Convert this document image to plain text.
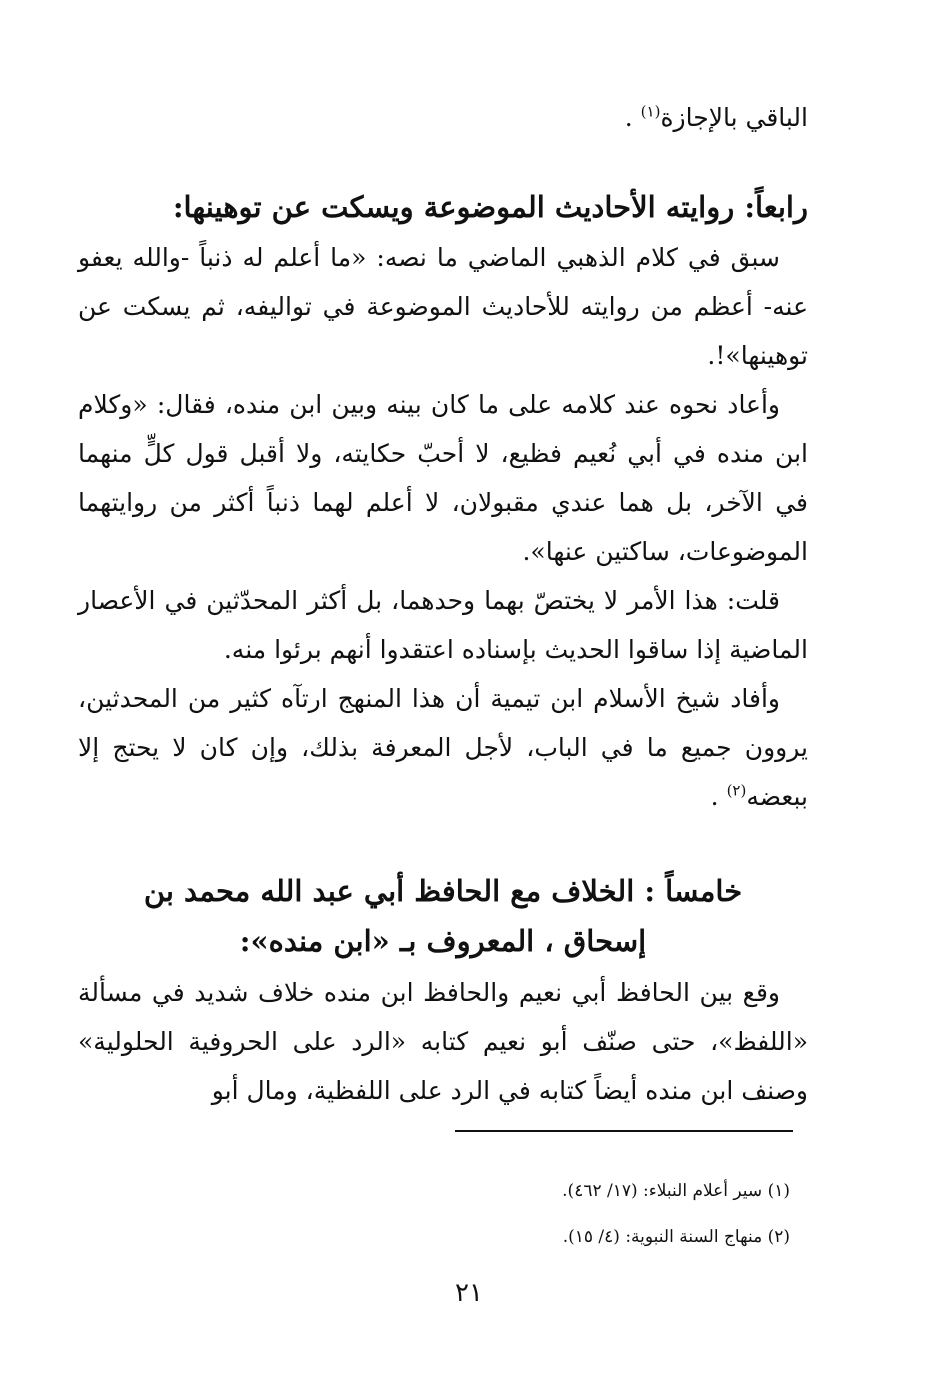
الباقي بالإجازة$^{(١)}$ .

رابعاً: روايته الأحاديث الموضوعة ويسكت عن توهينها:

سبق في كلام الذهبي الماضي ما نصه: «ما أعلم له ذنباً -والله يعفو عنه- أعظم من روايته للأحاديث الموضوعة في تواليفه، ثم يسكت عن توهينها»!.

وأعاد نحوه عند كلامه على ما كان بينه وبين ابن منده، فقال: «وكلام ابن منده في أبي نُعيم فظيع، لا أحبّ حكايته، ولا أقبل قول كلٍّ منهما في الآخر، بل هما عندي مقبولان، لا أعلم لهما ذنباً أكثر من روايتهما الموضوعات، ساكتين عنها».

قلت: هذا الأمر لا يختصّ بهما وحدهما، بل أكثر المحدّثين في الأعصار الماضية إذا ساقوا الحديث بإسناده اعتقدوا أنهم برئوا منه.

وأفاد شيخ الأسلام ابن تيمية أن هذا المنهج ارتآه كثير من المحدثين، يروون جميع ما في الباب، لأجل المعرفة بذلك، وإن كان لا يحتج إلا ببعضه$^{(٢)}$ .

خامساً : الخلاف مع الحافظ أبي عبد الله محمد بن
إسحاق ، المعروف بـ «ابن منده»:

وقع بين الحافظ أبي نعيم والحافظ ابن منده خلاف شديد في مسألة «اللفظ»، حتى صنّف أبو نعيم كتابه «الرد على الحروفية الحلولية» وصنف ابن منده أيضاً كتابه في الرد على اللفظية، ومال أبو

(١) سير أعلام النبلاء: (١٧/ ٤٦٢).

(٢) منهاج السنة النبوية: (٤/ ١٥).

٢١
